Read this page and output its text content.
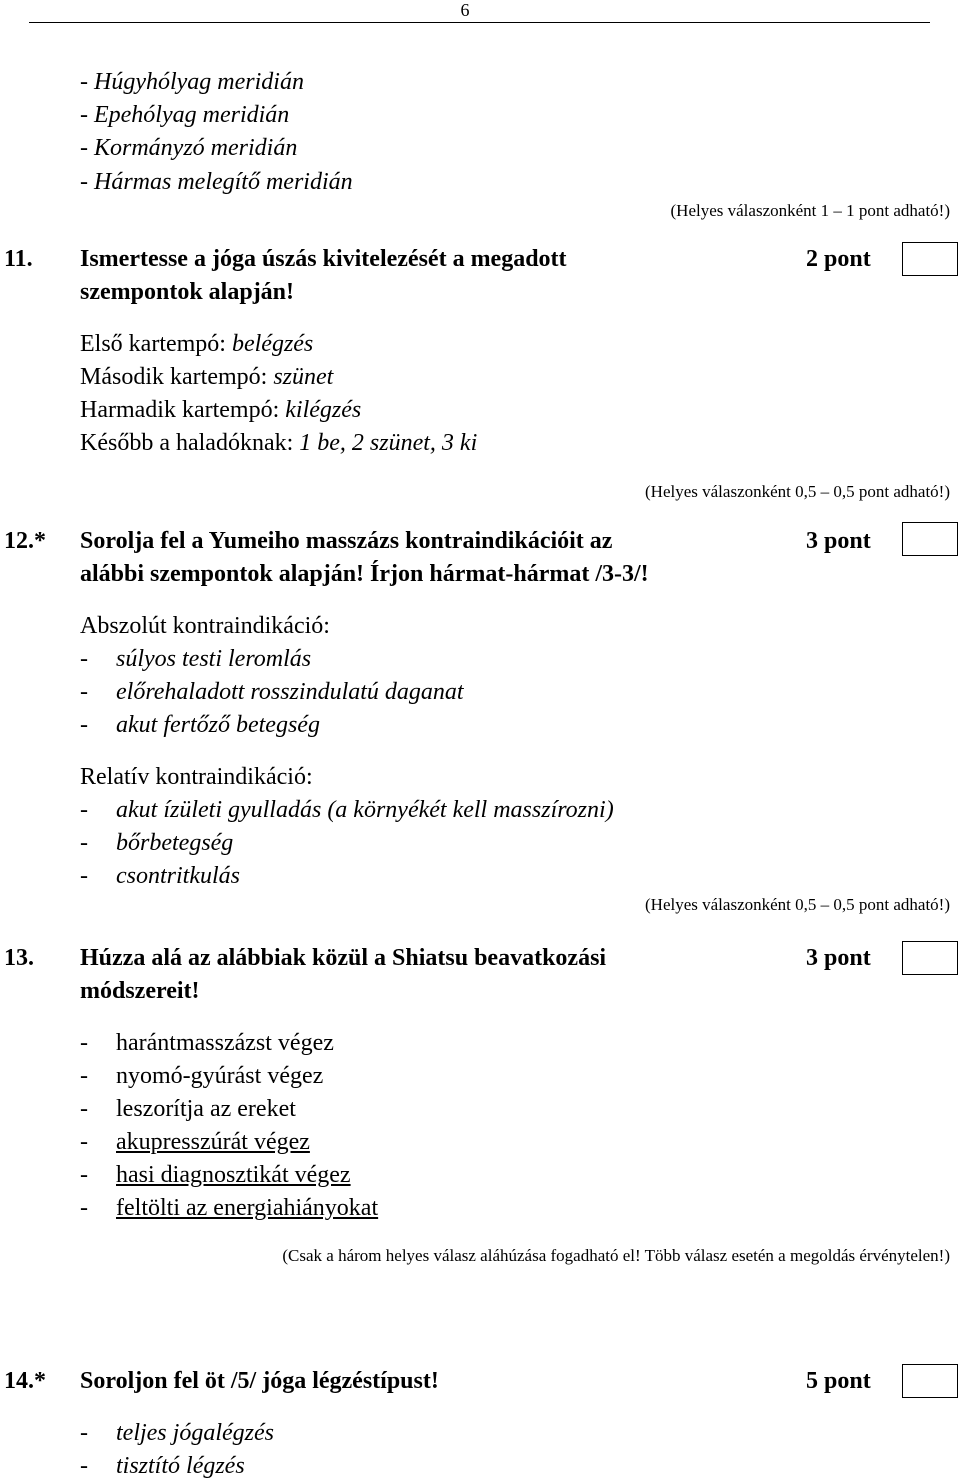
6
- Húgyhólyag meridián
- Epehólyag meridián
- Kormányzó meridián
- Hármas melegítő meridián
(Helyes válaszonként 1 – 1 pont adható!)
11. Ismertesse a jóga úszás kivitelezését a megadott
szempontok alapján!
2 pont
Első kartempó: belégzés
Második kartempó: szünet
Harmadik kartempó: kilégzés
Később a haladóknak: 1 be, 2 szünet, 3 ki
(Helyes válaszonként 0,5 – 0,5 pont adható!)
12.* Sorolja fel a Yumeiho masszázs kontraindikációit az
alábbi szempontok alapján! Írjon hármat-hármat /3-3/!
3 pont
Abszolút kontraindikáció:
- súlyos testi leromlás
- előrehaladott rosszindulatú daganat
- akut fertőző betegség
Relatív kontraindikáció:
- akut ízületi gyulladás (a környékét kell masszírozni)
- bőrbetegség
- csontritkulás
(Helyes válaszonként 0,5 – 0,5 pont adható!)
13. Húzza alá az alábbiak közül a Shiatsu beavatkozási
módszereit!
3 pont
- harántmasszázst végez
- nyomó-gyúrást végez
- leszorítja az ereket
- akupresszúrát végez
- hasi diagnosztikát végez
- feltölti az energiahiányokat
(Csak a három helyes válasz aláhúzása fogadható el! Több válasz esetén a megoldás érvénytelen!)
14.* Soroljon fel öt /5/ jóga légzéstípust!	5 pont
- teljes jógalégzés
- tisztító légzés
